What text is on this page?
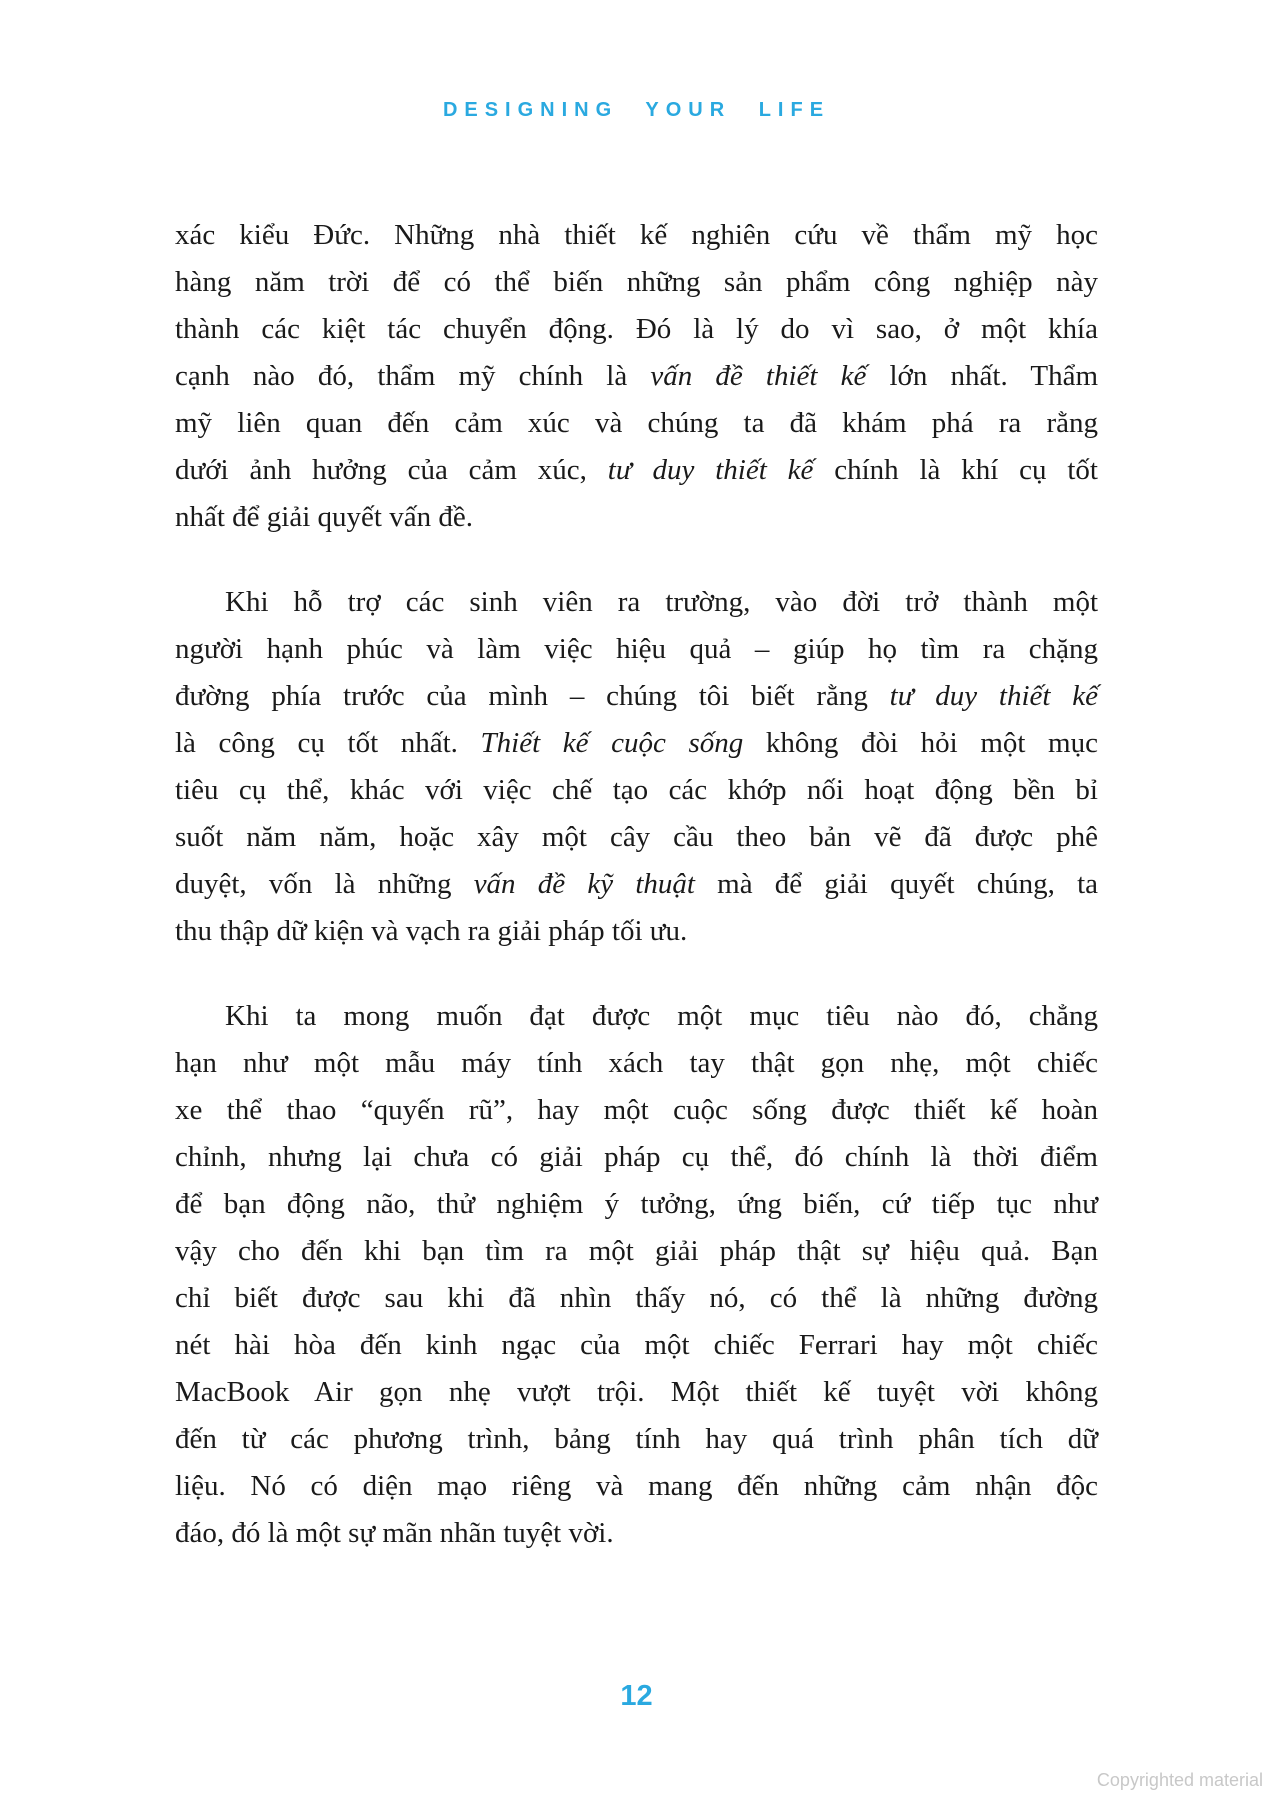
DESIGNING YOUR LIFE
xác kiểu Đức. Những nhà thiết kế nghiên cứu về thẩm mỹ học
hàng năm trời để có thể biến những sản phẩm công nghiệp này
thành các kiệt tác chuyển động. Đó là lý do vì sao, ở một khía
cạnh nào đó, thẩm mỹ chính là vấn đề thiết kế lớn nhất. Thẩm
mỹ liên quan đến cảm xúc và chúng ta đã khám phá ra rằng
dưới ảnh hưởng của cảm xúc, tư duy thiết kế chính là khí cụ tốt
nhất để giải quyết vấn đề.
Khi hỗ trợ các sinh viên ra trường, vào đời trở thành một
người hạnh phúc và làm việc hiệu quả – giúp họ tìm ra chặng
đường phía trước của mình – chúng tôi biết rằng tư duy thiết kế
là công cụ tốt nhất. Thiết kế cuộc sống không đòi hỏi một mục
tiêu cụ thể, khác với việc chế tạo các khớp nối hoạt động bền bỉ
suốt năm năm, hoặc xây một cây cầu theo bản vẽ đã được phê
duyệt, vốn là những vấn đề kỹ thuật mà để giải quyết chúng, ta
thu thập dữ kiện và vạch ra giải pháp tối ưu.
Khi ta mong muốn đạt được một mục tiêu nào đó, chẳng
hạn như một mẫu máy tính xách tay thật gọn nhẹ, một chiếc
xe thể thao “quyến rũ”, hay một cuộc sống được thiết kế hoàn
chỉnh, nhưng lại chưa có giải pháp cụ thể, đó chính là thời điểm
để bạn động não, thử nghiệm ý tưởng, ứng biến, cứ tiếp tục như
vậy cho đến khi bạn tìm ra một giải pháp thật sự hiệu quả. Bạn
chỉ biết được sau khi đã nhìn thấy nó, có thể là những đường
nét hài hòa đến kinh ngạc của một chiếc Ferrari hay một chiếc
MacBook Air gọn nhẹ vượt trội. Một thiết kế tuyệt vời không
đến từ các phương trình, bảng tính hay quá trình phân tích dữ
liệu. Nó có diện mạo riêng và mang đến những cảm nhận độc
đáo, đó là một sự mãn nhãn tuyệt vời.
12
Copyrighted material
